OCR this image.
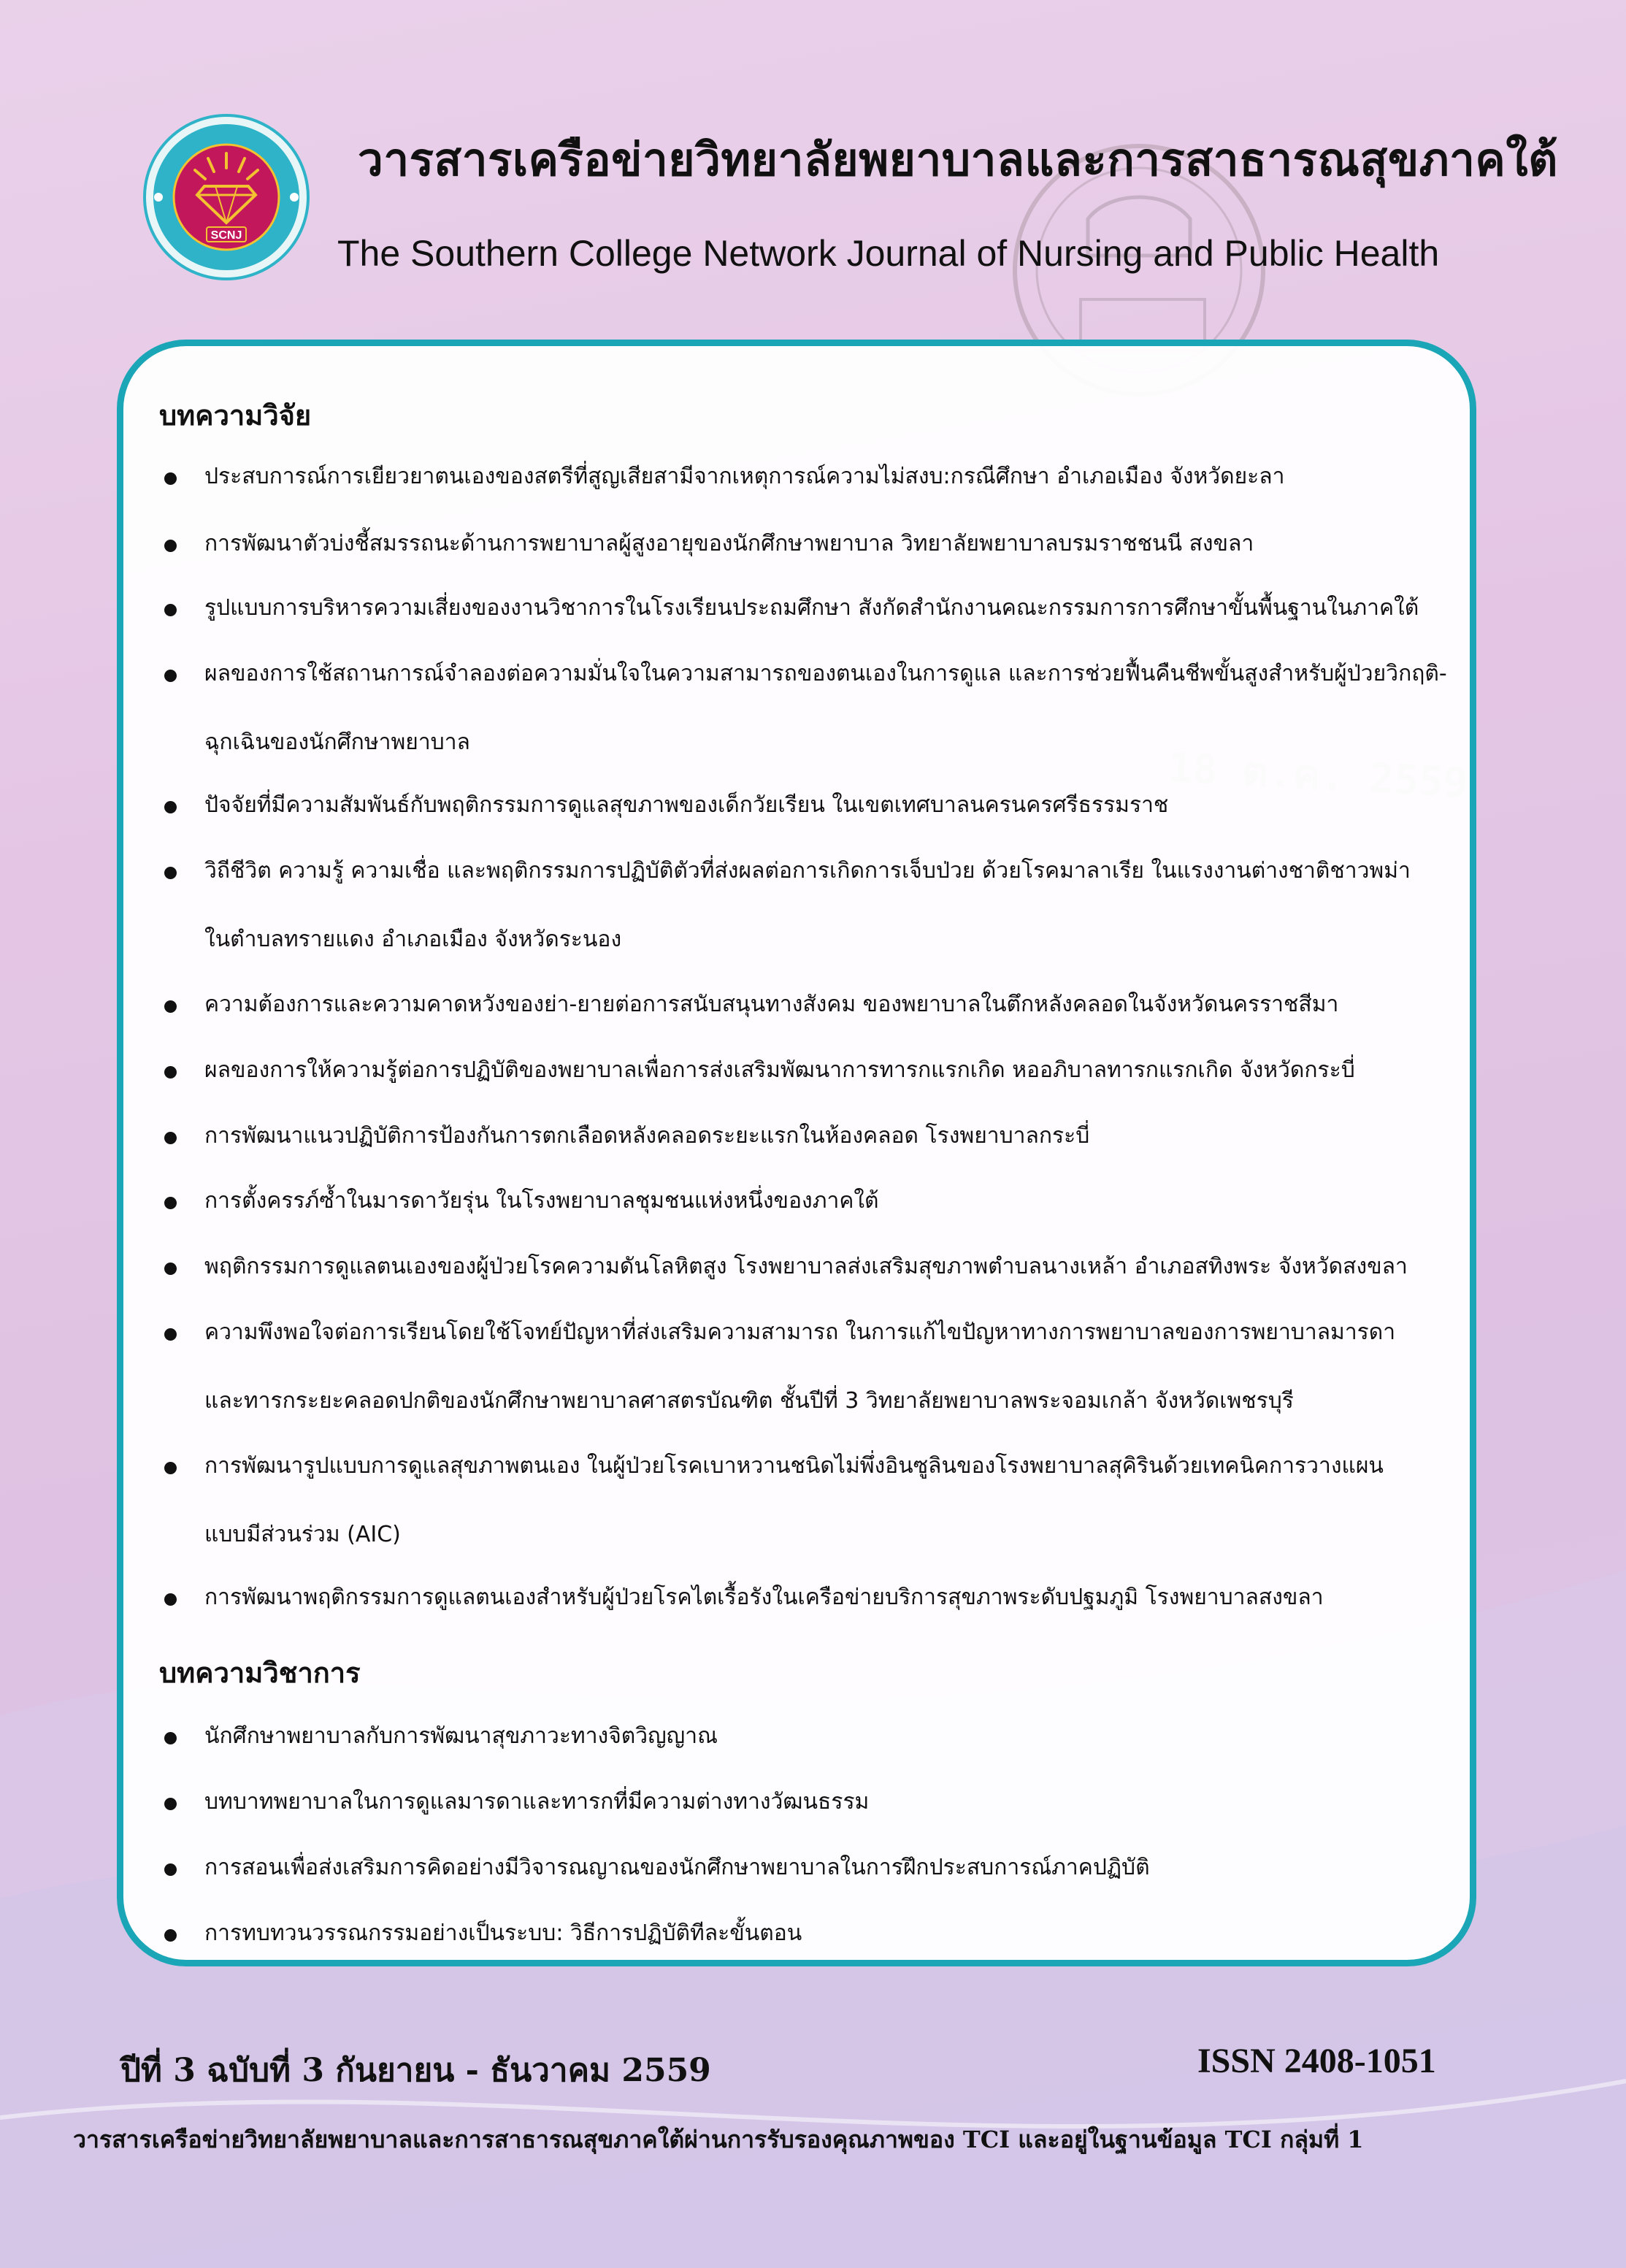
SCNJ
วารสารเครือข่ายวิทยาลัยพยาบาลและการสาธารณสุขภาคใต้
The Southern College Network Journal of Nursing and Public Health
บทความวิจัย
ประสบการณ์การเยียวยาตนเองของสตรีที่สูญเสียสามีจากเหตุการณ์ความไม่สงบ:กรณีศึกษา อำเภอเมือง จังหวัดยะลา
การพัฒนาตัวบ่งชี้สมรรถนะด้านการพยาบาลผู้สูงอายุของนักศึกษาพยาบาล วิทยาลัยพยาบาลบรมราชชนนี สงขลา
รูปแบบการบริหารความเสี่ยงของงานวิชาการในโรงเรียนประถมศึกษา สังกัดสำนักงานคณะกรรมการการศึกษาขั้นพื้นฐานในภาคใต้
ผลของการใช้สถานการณ์จำลองต่อความมั่นใจในความสามารถของตนเองในการดูแล และการช่วยฟื้นคืนชีพขั้นสูงสำหรับผู้ป่วยวิกฤติ-
ฉุกเฉินของนักศึกษาพยาบาล
ปัจจัยที่มีความสัมพันธ์กับพฤติกรรมการดูแลสุขภาพของเด็กวัยเรียน ในเขตเทศบาลนครนครศรีธรรมราช
วิถีชีวิต ความรู้ ความเชื่อ และพฤติกรรมการปฏิบัติตัวที่ส่งผลต่อการเกิดการเจ็บป่วย ด้วยโรคมาลาเรีย ในแรงงานต่างชาติชาวพม่า
ในตำบลทรายแดง อำเภอเมือง จังหวัดระนอง
ความต้องการและความคาดหวังของย่า-ยายต่อการสนับสนุนทางสังคม ของพยาบาลในตึกหลังคลอดในจังหวัดนครราชสีมา
ผลของการให้ความรู้ต่อการปฏิบัติของพยาบาลเพื่อการส่งเสริมพัฒนาการทารกแรกเกิด หออภิบาลทารกแรกเกิด จังหวัดกระบี่
การพัฒนาแนวปฏิบัติการป้องกันการตกเลือดหลังคลอดระยะแรกในห้องคลอด โรงพยาบาลกระบี่
การตั้งครรภ์ซ้ำในมารดาวัยรุ่น ในโรงพยาบาลชุมชนแห่งหนึ่งของภาคใต้
พฤติกรรมการดูแลตนเองของผู้ป่วยโรคความดันโลหิตสูง โรงพยาบาลส่งเสริมสุขภาพตำบลนางเหล้า อำเภอสทิงพระ จังหวัดสงขลา
ความพึงพอใจต่อการเรียนโดยใช้โจทย์ปัญหาที่ส่งเสริมความสามารถ ในการแก้ไขปัญหาทางการพยาบาลของการพยาบาลมารดา
และทารกระยะคลอดปกติของนักศึกษาพยาบาลศาสตรบัณฑิต ชั้นปีที่ 3 วิทยาลัยพยาบาลพระจอมเกล้า จังหวัดเพชรบุรี
การพัฒนารูปแบบการดูแลสุขภาพตนเอง ในผู้ป่วยโรคเบาหวานชนิดไม่พึ่งอินซูลินของโรงพยาบาลสุคิรินด้วยเทคนิคการวางแผน
แบบมีส่วนร่วม (AIC)
การพัฒนาพฤติกรรมการดูแลตนเองสำหรับผู้ป่วยโรคไตเรื้อรังในเครือข่ายบริการสุขภาพระดับปฐมภูมิ โรงพยาบาลสงขลา
บทความวิชาการ
นักศึกษาพยาบาลกับการพัฒนาสุขภาวะทางจิตวิญญาณ
บทบาทพยาบาลในการดูแลมารดาและทารกที่มีความต่างทางวัฒนธรรม
การสอนเพื่อส่งเสริมการคิดอย่างมีวิจารณญาณของนักศึกษาพยาบาลในการฝึกประสบการณ์ภาคปฏิบัติ
การทบทวนวรรณกรรมอย่างเป็นระบบ: วิธีการปฏิบัติทีละขั้นตอน
ปีที่ 3 ฉบับที่ 3 กันยายน - ธันวาคม 2559	ISSN 2408-1051
วารสารเครือข่ายวิทยาลัยพยาบาลและการสาธารณสุขภาคใต้ผ่านการรับรองคุณภาพของ TCI และอยู่ในฐานข้อมูล TCI กลุ่มที่ 1
